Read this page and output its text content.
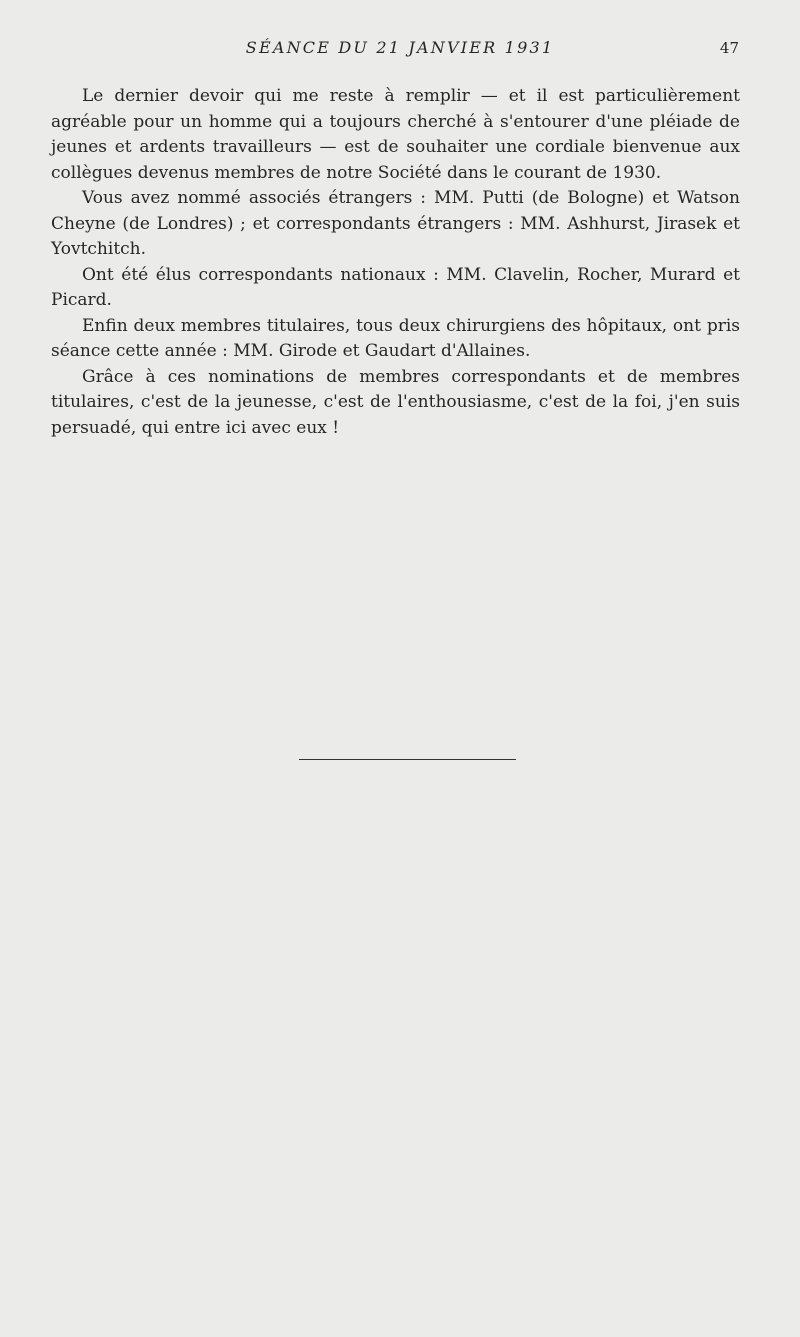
SÉANCE DU 21 JANVIER 1931	47

Le dernier devoir qui me reste à remplir — et il est particulièrement agréable pour un homme qui a toujours cherché à s'entourer d'une pléiade de jeunes et ardents travailleurs — est de souhaiter une cordiale bienvenue aux collègues devenus membres de notre Société dans le courant de 1930.

Vous avez nommé associés étrangers : MM. Putti (de Bologne) et Watson Cheyne (de Londres) ; et correspondants étrangers : MM. Ashhurst, Jirasek et Yovtchitch.

Ont été élus correspondants nationaux : MM. Clavelin, Rocher, Murard et Picard.

Enfin deux membres titulaires, tous deux chirurgiens des hôpitaux, ont pris séance cette année : MM. Girode et Gaudart d'Allaines.

Grâce à ces nominations de membres correspondants et de membres titulaires, c'est de la jeunesse, c'est de l'enthousiasme, c'est de la foi, j'en suis persuadé, qui entre ici avec eux !
